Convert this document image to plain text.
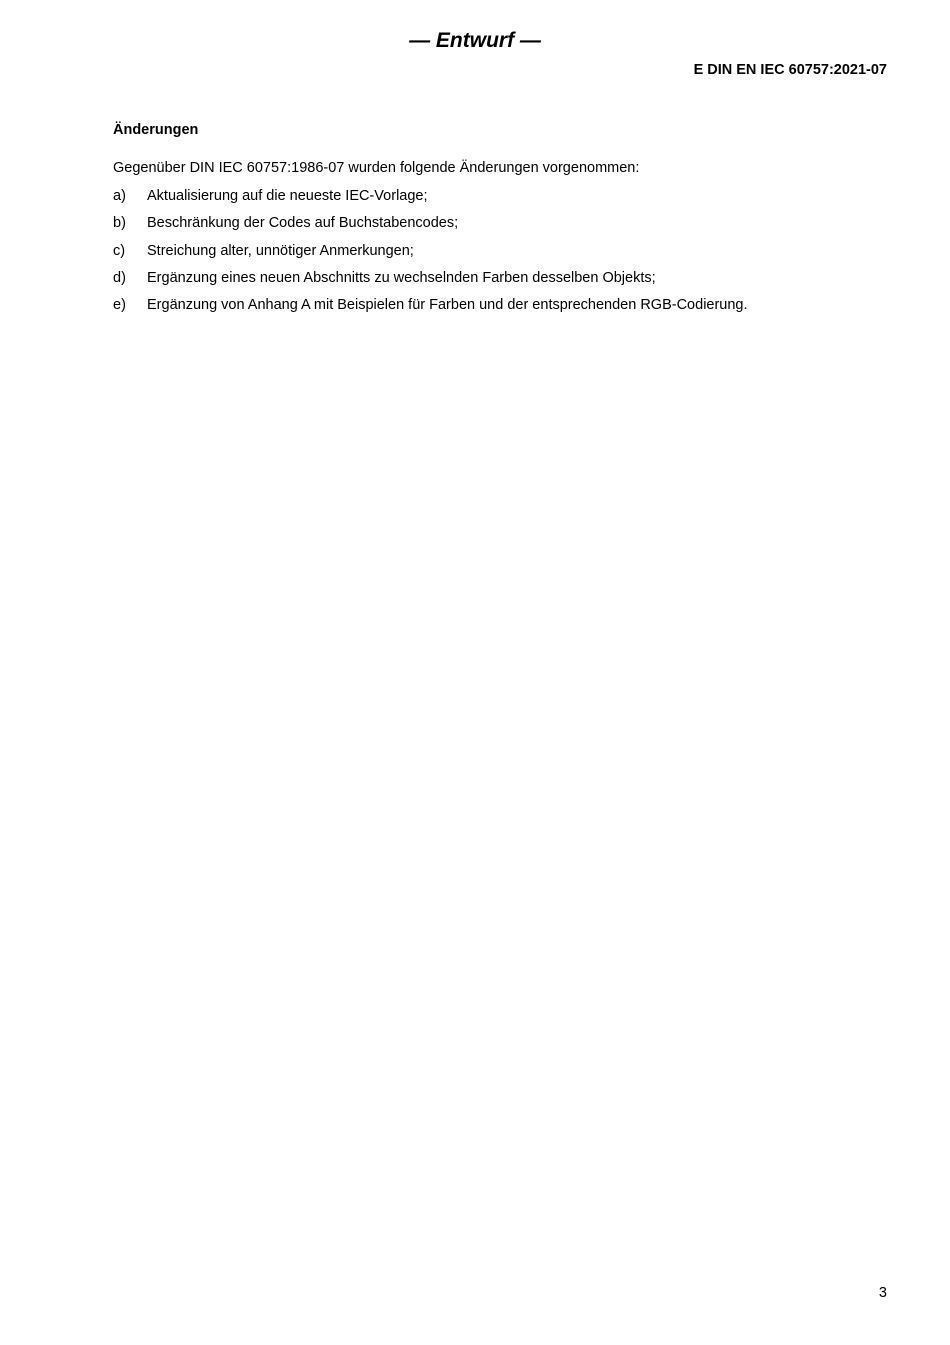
— Entwurf —
E DIN EN IEC 60757:2021-07
Änderungen
Gegenüber DIN IEC 60757:1986-07 wurden folgende Änderungen vorgenommen:
a) Aktualisierung auf die neueste IEC-Vorlage;
b) Beschränkung der Codes auf Buchstabencodes;
c) Streichung alter, unnötiger Anmerkungen;
d) Ergänzung eines neuen Abschnitts zu wechselnden Farben desselben Objekts;
e) Ergänzung von Anhang A mit Beispielen für Farben und der entsprechenden RGB-Codierung.
3
